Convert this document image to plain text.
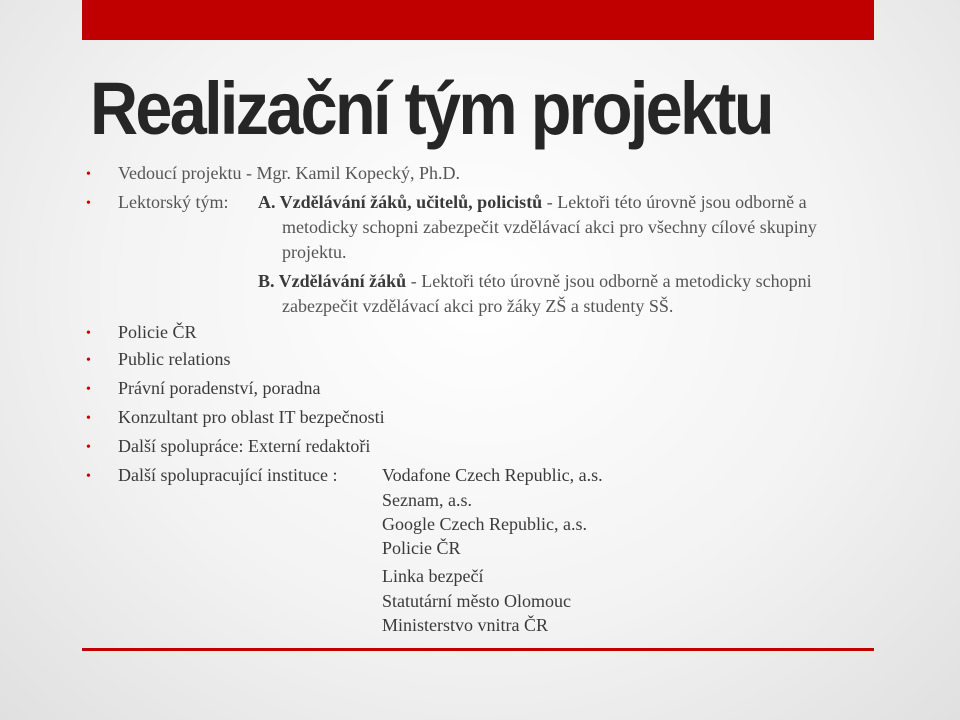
Realizační tým projektu
• Vedoucí projektu - Mgr. Kamil Kopecký, Ph.D.
• Lektorský tým: A. Vzdělávání žáků, učitelů, policistů - Lektoři této úrovně jsou odborně a
metodicky schopni zabezpečit vzdělávací akci pro všechny cílové skupiny
projektu.
B. Vzdělávání žáků - Lektoři této úrovně jsou odborně a metodicky schopni
zabezpečit vzdělávací akci pro žáky ZŠ a studenty SŠ.
• Policie ČR
• Public relations
• Právní poradenství, poradna
• Konzultant pro oblast IT bezpečnosti
• Další spolupráce: Externí redaktoři
• Další spolupracující instituce : Vodafone Czech Republic, a.s.
Seznam, a.s.
Google Czech Republic, a.s.
Policie ČR
Linka bezpečí
Statutární město Olomouc
Ministerstvo vnitra ČR
